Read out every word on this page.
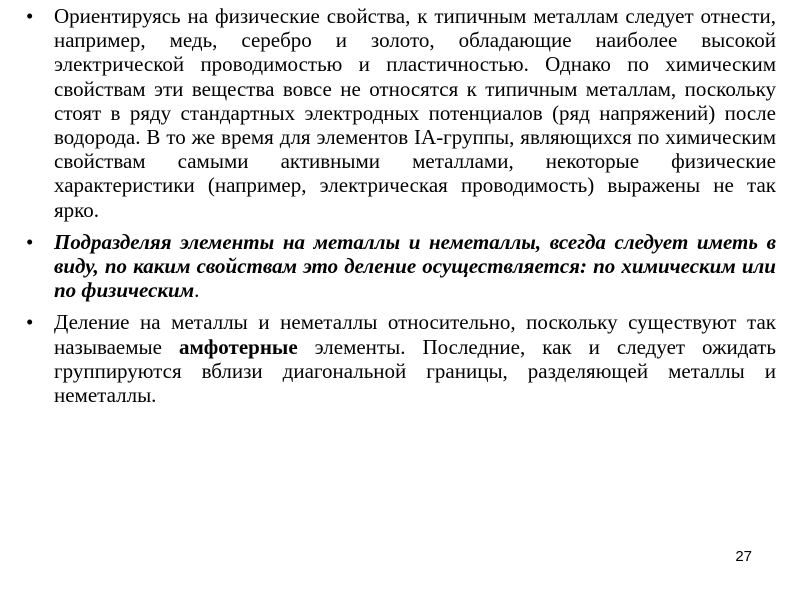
• Ориентируясь на физические свойства, к типичным металлам следует отнести, например, медь, серебро и золото, обладающие наиболее высокой электрической проводимостью и пластичностью. Однако по химическим свойствам эти вещества вовсе не относятся к типичным металлам, поскольку стоят в ряду стандартных электродных потенциалов (ряд напряжений) после водорода. В то же время для элементов IA-группы, являющихся по химическим свойствам самыми активными металлами, некоторые физические характеристики (например, электрическая проводимость) выражены не так ярко.
• Подразделяя элементы на металлы и неметаллы, всегда следует иметь в виду, по каким свойствам это деление осуществляется: по химическим или по физическим.
• Деление на металлы и неметаллы относительно, поскольку существуют так называемые амфотерные элементы. Последние, как и следует ожидать группируются вблизи диагональной границы, разделяющей металлы и неметаллы.
27
